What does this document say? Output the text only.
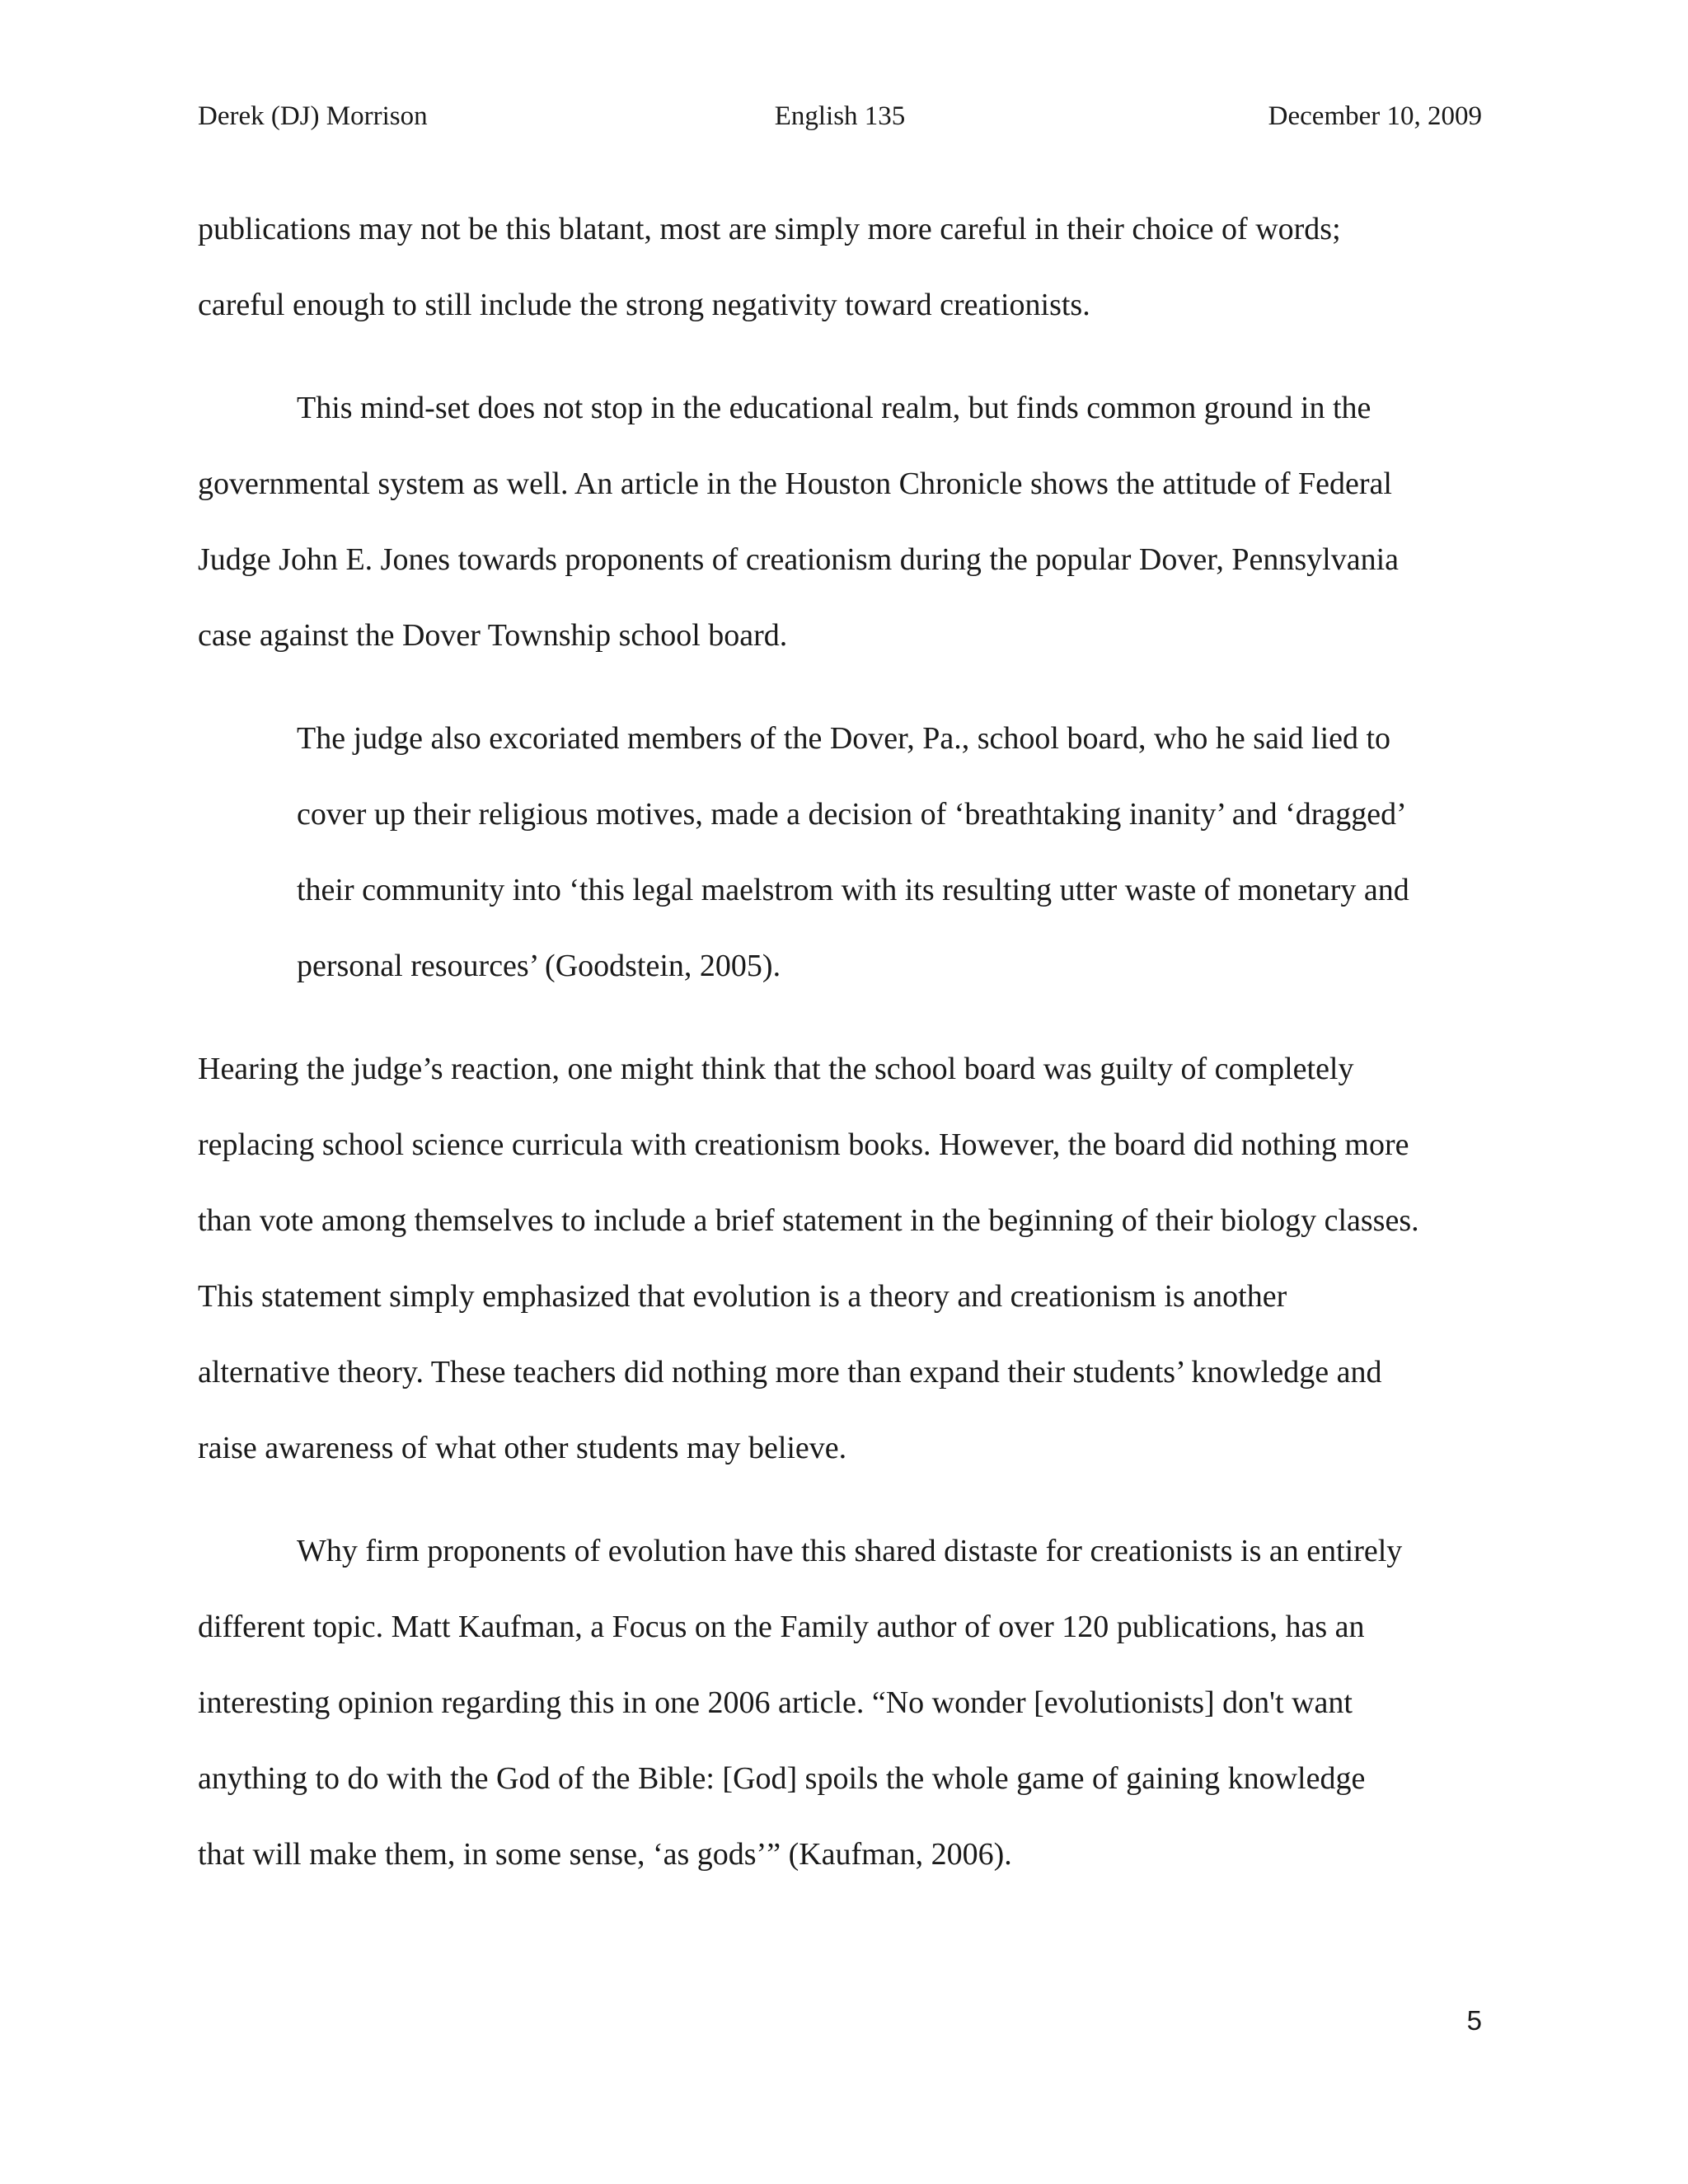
Derek (DJ) Morrison	English 135	December 10, 2009

publications may not be this blatant, most are simply more careful in their choice of words;

careful enough to still include the strong negativity toward creationists.

This mind-set does not stop in the educational realm, but finds common ground in the

governmental system as well. An article in the Houston Chronicle shows the attitude of Federal

Judge John E. Jones towards proponents of creationism during the popular Dover, Pennsylvania

case against the Dover Township school board.

The judge also excoriated members of the Dover, Pa., school board, who he said lied to

cover up their religious motives, made a decision of ‘breathtaking inanity’ and ‘dragged’

their community into ‘this legal maelstrom with its resulting utter waste of monetary and

personal resources’ (Goodstein, 2005).

Hearing the judge’s reaction, one might think that the school board was guilty of completely

replacing school science curricula with creationism books. However, the board did nothing more

than vote among themselves to include a brief statement in the beginning of their biology classes.

This statement simply emphasized that evolution is a theory and creationism is another

alternative theory. These teachers did nothing more than expand their students’ knowledge and

raise awareness of what other students may believe.

Why firm proponents of evolution have this shared distaste for creationists is an entirely

different topic. Matt Kaufman, a Focus on the Family author of over 120 publications, has an

interesting opinion regarding this in one 2006 article. “No wonder [evolutionists] don't want

anything to do with the God of the Bible: [God] spoils the whole game of gaining knowledge

that will make them, in some sense, ‘as gods’” (Kaufman, 2006).

5
